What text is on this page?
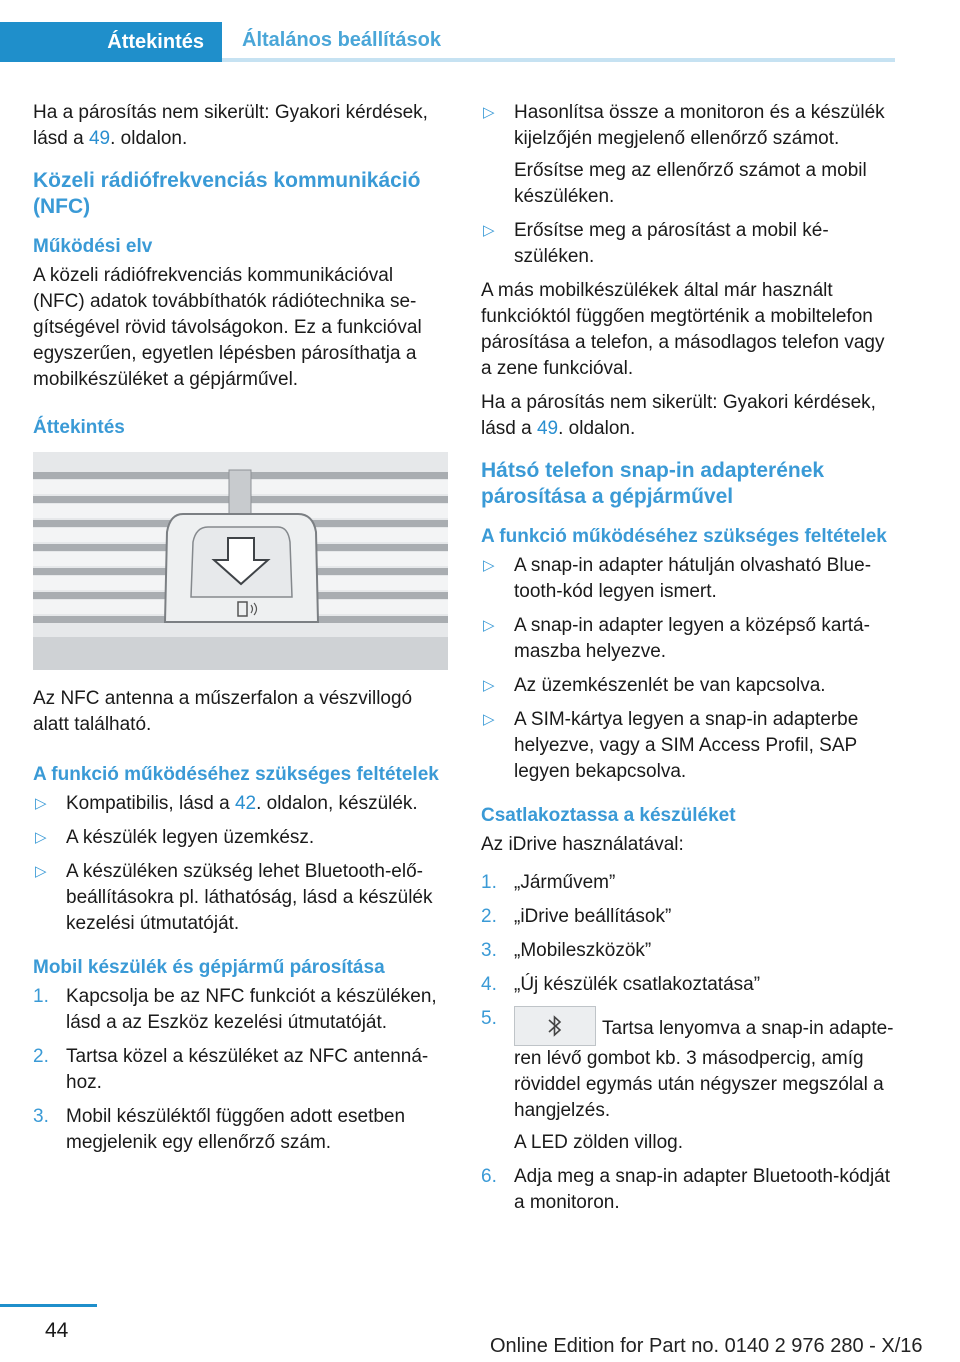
Áttekintés	Általános beállítások

Ha a párosítás nem sikerült: Gyakori kérdések, lásd a 49. oldalon.

Közeli rádiófrekvenciás kommunikáció (NFC)
Működési elv

A közeli rádiófrekvenciás kommunikációval (NFC) adatok továbbíthatók rádiótechnika segítségével rövid távolságokon. Ez a funkcióval egyszerűen, egyetlen lépésben párosíthatja a mobilkészüléket a gépjárművel.

Áttekintés

Az NFC antenna a műszerfalon a vészvillogó alatt található.

A funkció működéséhez szükséges feltételek
▷ Kompatibilis, lásd a 42. oldalon, készülék.
▷ A készülék legyen üzemkész.
▷ A készüléken szükség lehet Bluetooth-előbeállításokra pl. láthatóság, lásd a készülék kezelési útmutatóját.
Mobil készülék és gépjármű párosítása
1. Kapcsolja be az NFC funkciót a készüléken, lásd a az Eszköz kezelési útmutatóját.
2. Tartsa közel a készüléket az NFC antennához.
3. Mobil készüléktől függően adott esetben megjelenik egy ellenőrző szám.
▷ Hasonlítsa össze a monitoron és a készülék kijelzőjén megjelenő ellenőrző számot.
Erősítse meg az ellenőrző számot a mobil készüléken.
▷ Erősítse meg a párosítást a mobil készüléken.

A más mobilkészülékek által már használt funkcióktól függően megtörténik a mobiltelefon párosítása a telefon, a másodlagos telefon vagy a zene funkcióval.

Ha a párosítás nem sikerült: Gyakori kérdések, lásd a 49. oldalon.

Hátsó telefon snap-in adapterének párosítása a gépjárművel
A funkció működéséhez szükséges feltételek
▷ A snap-in adapter hátulján olvasható Bluetooth-kód legyen ismert.
▷ A snap-in adapter legyen a középső kartámaszba helyezve.
▷ Az üzemkészenlét be van kapcsolva.
▷ A SIM-kártya legyen a snap-in adapterbe helyezve, vagy a SIM Access Profil, SAP legyen bekapcsolva.
Csatlakoztassa a készüléket

Az iDrive használatával:

1. „Járművem”
2. „iDrive beállítások”
3. „Mobileszközök”
4. „Új készülék csatlakoztatása”
5.	Tartsa lenyomva a snap-in adapteren lévő gombot kb. 3 másodpercig, amíg röviddel egymás után négyszer megszólal a hangjelzés.
A LED zölden villog.
6. Adja meg a snap-in adapter Bluetooth-kódját a monitoron.
44
Online Edition for Part no. 0140 2 976 280 - X/16
